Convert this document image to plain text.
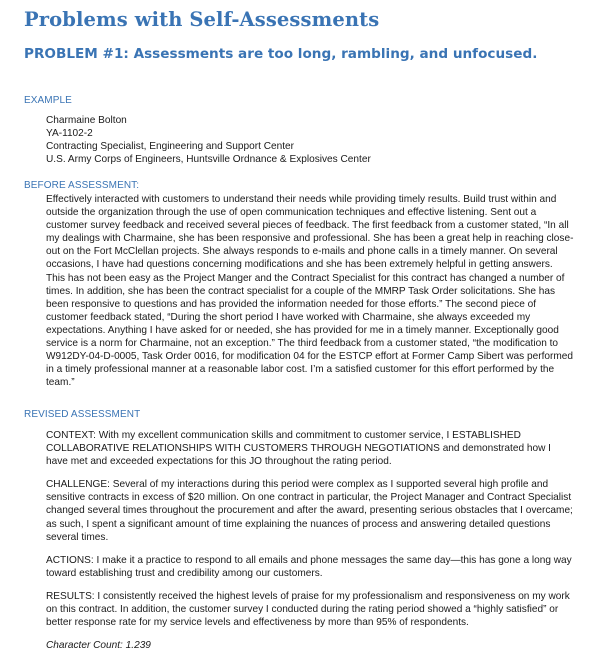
Problems with Self-Assessments
PROBLEM #1: Assessments are too long, rambling, and unfocused.
EXAMPLE
Charmaine Bolton
YA-1102-2
Contracting Specialist, Engineering and Support Center
U.S. Army Corps of Engineers, Huntsville Ordnance & Explosives Center
BEFORE ASSESSMENT:

Effectively interacted with customers to understand their needs while providing timely results. Build trust within and outside the organization through the use of open communication techniques and effective listening. Sent out a customer survey feedback and received several pieces of feedback. The first feedback from a customer stated, “In all my dealings with Charmaine, she has been responsive and professional. She has been a great help in reaching close-out on the Fort McClellan projects. She always responds to e-mails and phone calls in a timely manner. On several occasions, I have had questions concerning modifications and she has been extremely helpful in getting answers. This has not been easy as the Project Manger and the Contract Specialist for this contract has changed a number of times. In addition, she has been the contract specialist for a couple of the MMRP Task Order solicitations. She has been responsive to questions and has provided the information needed for those efforts.” The second piece of customer feedback stated, “During the short period I have worked with Charmaine, she always exceeded my expectations. Anything I have asked for or needed, she has provided for me in a timely manner. Exceptionally good service is a norm for Charmaine, not an exception.” The third feedback from a customer stated, “the modification to W912DY-04-D-0005, Task Order 0016, for modification 04 for the ESTCP effort at Former Camp Sibert was performed in a timely professional manner at a reasonable labor cost. I’m a satisfied customer for this effort performed by the team.”

REVISED ASSESSMENT

CONTEXT: With my excellent communication skills and commitment to customer service, I ESTABLISHED COLLABORATIVE RELATIONSHIPS WITH CUSTOMERS THROUGH NEGOTIATIONS and demonstrated how I have met and exceeded expectations for this JO throughout the rating period.

CHALLENGE: Several of my interactions during this period were complex as I supported several high profile and sensitive contracts in excess of $20 million. On one contract in particular, the Project Manager and Contract Specialist changed several times throughout the procurement and after the award, presenting serious obstacles that I overcame; as such, I spent a significant amount of time explaining the nuances of process and answering detailed questions several times.

ACTIONS: I make it a practice to respond to all emails and phone messages the same day—this has gone a long way toward establishing trust and credibility among our customers.

RESULTS: I consistently received the highest levels of praise for my professionalism and responsiveness on my work on this contract. In addition, the customer survey I conducted during the rating period showed a “highly satisfied” or better response rate for my service levels and effectiveness by more than 95% of respondents.

Character Count: 1.239
